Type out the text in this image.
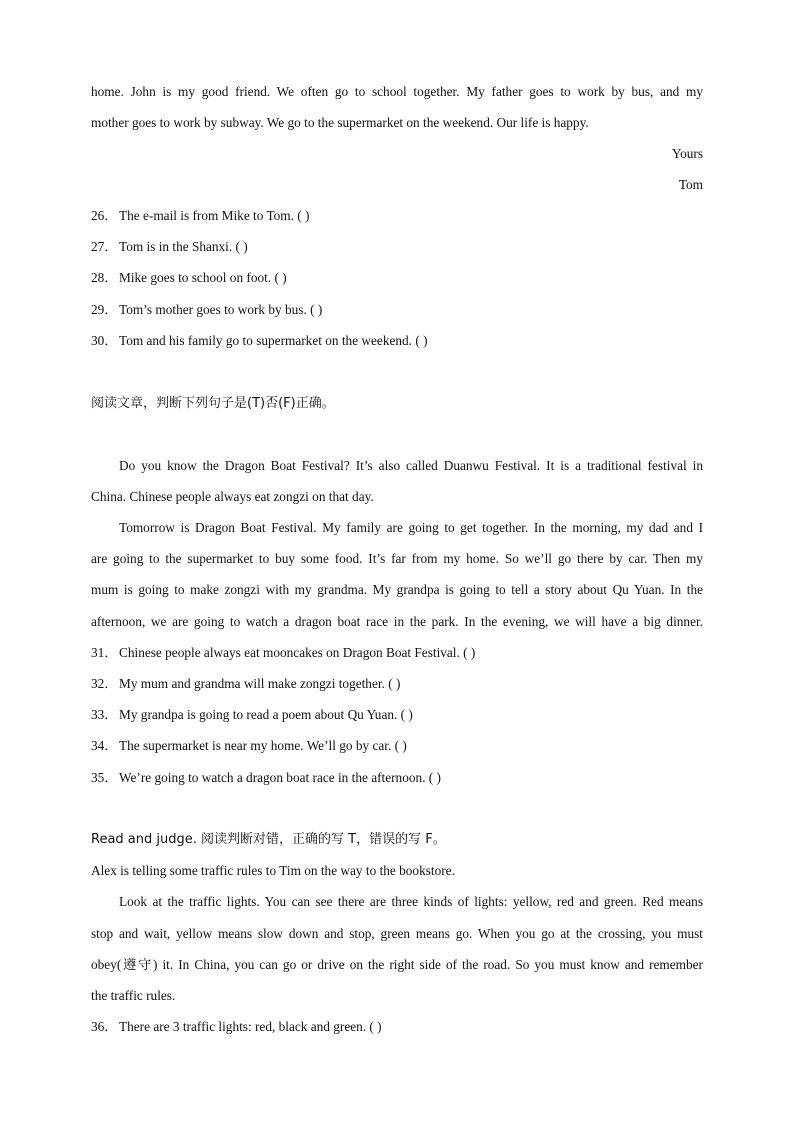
home. John is my good friend. We often go to school together. My father goes to work by bus, and my
mother goes to work by subway. We go to the supermarket on the weekend. Our life is happy.
Yours
Tom
26．The e-mail is from Mike to Tom. ( )
27．Tom is in the Shanxi. ( )
28．Mike goes to school on foot. ( )
29．Tom’s mother goes to work by bus. ( )
30．Tom and his family go to supermarket on the weekend. ( )
阅读文章，判断下列句子是(T)否(F)正确。
Do you know the Dragon Boat Festival? It’s also called Duanwu Festival. It is a traditional festival in
China. Chinese people always eat zongzi on that day.
Tomorrow is Dragon Boat Festival. My family are going to get together. In the morning, my dad and I
are going to the supermarket to buy some food. It’s far from my home. So we’ll go there by car. Then my
mum is going to make zongzi with my grandma. My grandpa is going to tell a story about Qu Yuan. In the
afternoon, we are going to watch a dragon boat race in the park. In the evening, we will have a big dinner.
31．Chinese people always eat mooncakes on Dragon Boat Festival. ( )
32．My mum and grandma will make zongzi together. ( )
33．My grandpa is going to read a poem about Qu Yuan. ( )
34．The supermarket is near my home. We’ll go by car. ( )
35．We’re going to watch a dragon boat race in the afternoon. ( )
Read and judge. 阅读判断对错，正确的写 T，错误的写 F。
Alex is telling some traffic rules to Tim on the way to the bookstore.
Look at the traffic lights. You can see there are three kinds of lights: yellow, red and green. Red means
stop and wait, yellow means slow down and stop, green means go. When you go at the crossing, you must
obey(遵守) it. In China, you can go or drive on the right side of the road. So you must know and remember
the traffic rules.
36．There are 3 traffic lights: red, black and green. ( )
